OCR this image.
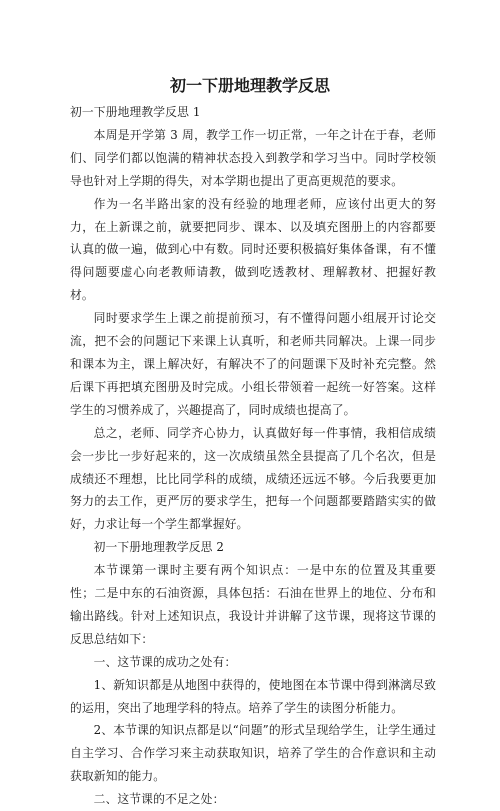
初一下册地理教学反思

初一下册地理教学反思 1

本周是开学第 3 周，教学工作一切正常，一年之计在于春，老师们、同学们都以饱满的精神状态投入到教学和学习当中。同时学校领导也针对上学期的得失，对本学期也提出了更高更规范的要求。

作为一名半路出家的没有经验的地理老师，应该付出更大的努力，在上新课之前，就要把同步、课本、以及填充图册上的内容都要认真的做一遍，做到心中有数。同时还要积极搞好集体备课，有不懂得问题要虚心向老教师请教，做到吃透教材、理解教材、把握好教材。

同时要求学生上课之前提前预习，有不懂得问题小组展开讨论交流，把不会的问题记下来课上认真听，和老师共同解决。上课一同步和课本为主，课上解决好，有解决不了的问题课下及时补充完整。然后课下再把填充图册及时完成。小组长带领着一起统一好答案。这样学生的习惯养成了，兴趣提高了，同时成绩也提高了。

总之，老师、同学齐心协力，认真做好每一件事情，我相信成绩会一步比一步好起来的，这一次成绩虽然全县提高了几个名次，但是成绩还不理想，比比同学科的成绩，成绩还远远不够。今后我要更加努力的去工作，更严厉的要求学生，把每一个问题都要踏踏实实的做好，力求让每一个学生都掌握好。

初一下册地理教学反思 2

本节课第一课时主要有两个知识点：一是中东的位置及其重要性；二是中东的石油资源，具体包括：石油在世界上的地位、分布和输出路线。针对上述知识点，我设计并讲解了这节课，现将这节课的反思总结如下：

一、这节课的成功之处有：

1、新知识都是从地图中获得的，使地图在本节课中得到淋漓尽致的运用，突出了地理学科的特点。培养了学生的读图分析能力。

2、本节课的知识点都是以“问题”的形式呈现给学生，让学生通过自主学习、合作学习来主动获取知识，培养了学生的合作意识和主动获取新知的能力。

二、这节课的不足之处：
